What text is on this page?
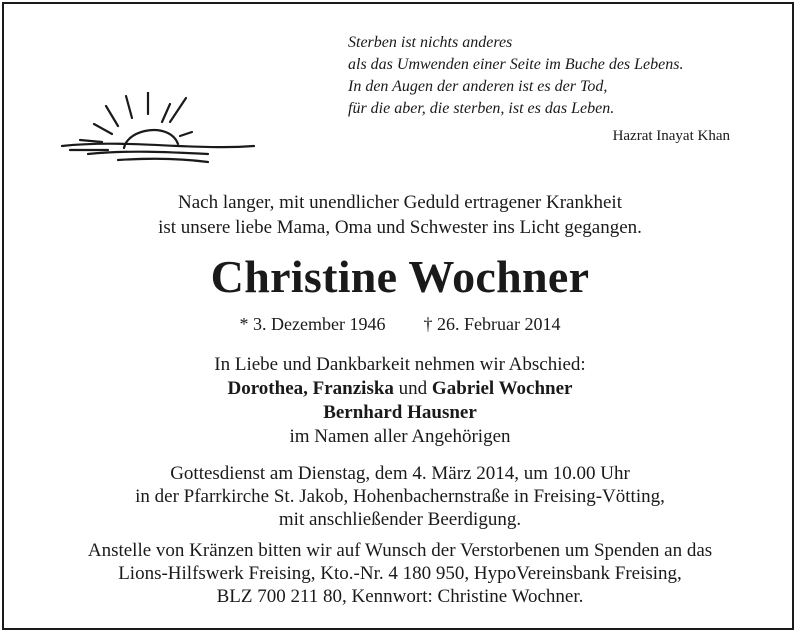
Sterben ist nichts anderes
als das Umwenden einer Seite im Buche des Lebens.
In den Augen der anderen ist es der Tod,
für die aber, die sterben, ist es das Leben.
Hazrat Inayat Khan
Nach langer, mit unendlicher Geduld ertragener Krankheit
ist unsere liebe Mama, Oma und Schwester ins Licht gegangen.
Christine Wochner
* 3. Dezember 1946 † 26. Februar 2014
In Liebe und Dankbarkeit nehmen wir Abschied:
Dorothea, Franziska und Gabriel Wochner
Bernhard Hausner
im Namen aller Angehörigen
Gottesdienst am Dienstag, dem 4. März 2014, um 10.00 Uhr
in der Pfarrkirche St. Jakob, Hohenbachernstraße in Freising-Vötting,
mit anschließender Beerdigung.
Anstelle von Kränzen bitten wir auf Wunsch der Verstorbenen um Spenden an das
Lions-Hilfswerk Freising, Kto.-Nr. 4 180 950, HypoVereinsbank Freising,
BLZ 700 211 80, Kennwort: Christine Wochner.
